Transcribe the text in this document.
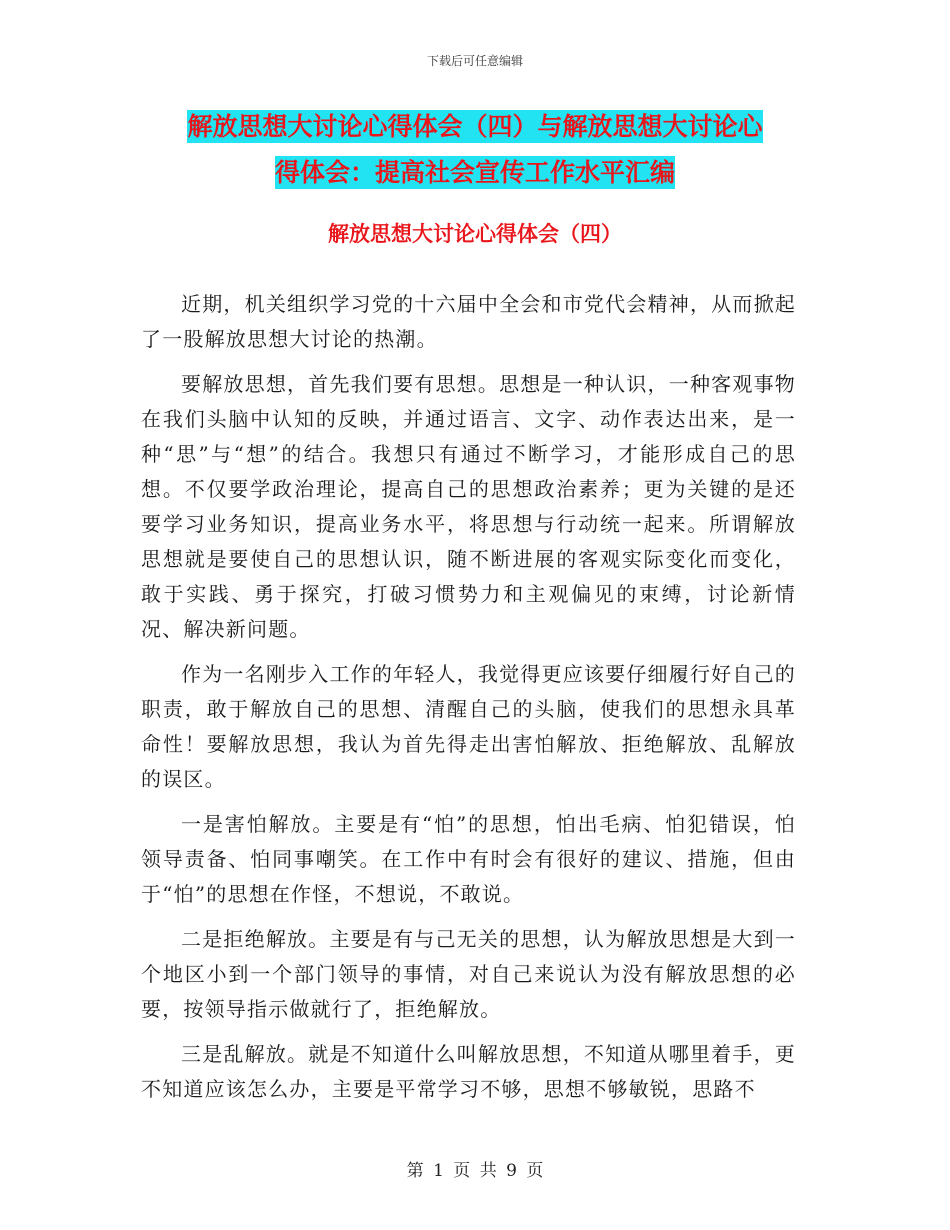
下载后可任意编辑
解放思想大讨论心得体会（四）与解放思想大讨论心
得体会：提高社会宣传工作水平汇编
解放思想大讨论心得体会（四）

近期，机关组织学习党的十六届中全会和市党代会精神，从而掀起了一股解放思想大讨论的热潮。

要解放思想，首先我们要有思想。思想是一种认识，一种客观事物在我们头脑中认知的反映，并通过语言、文字、动作表达出来，是一种“思”与“想”的结合。我想只有通过不断学习，才能形成自己的思想。不仅要学政治理论，提高自己的思想政治素养；更为关键的是还要学习业务知识，提高业务水平，将思想与行动统一起来。所谓解放思想就是要使自己的思想认识，随不断进展的客观实际变化而变化，敢于实践、勇于探究，打破习惯势力和主观偏见的束缚，讨论新情况、解决新问题。

作为一名刚步入工作的年轻人，我觉得更应该要仔细履行好自己的职责，敢于解放自己的思想、清醒自己的头脑，使我们的思想永具革命性！要解放思想，我认为首先得走出害怕解放、拒绝解放、乱解放的误区。

一是害怕解放。主要是有“怕”的思想，怕出毛病、怕犯错误，怕领导责备、怕同事嘲笑。在工作中有时会有很好的建议、措施，但由于“怕”的思想在作怪，不想说，不敢说。

二是拒绝解放。主要是有与己无关的思想，认为解放思想是大到一个地区小到一个部门领导的事情，对自己来说认为没有解放思想的必要，按领导指示做就行了，拒绝解放。

三是乱解放。就是不知道什么叫解放思想，不知道从哪里着手，更不知道应该怎么办，主要是平常学习不够，思想不够敏锐，思路不

第 1 页 共 9 页
